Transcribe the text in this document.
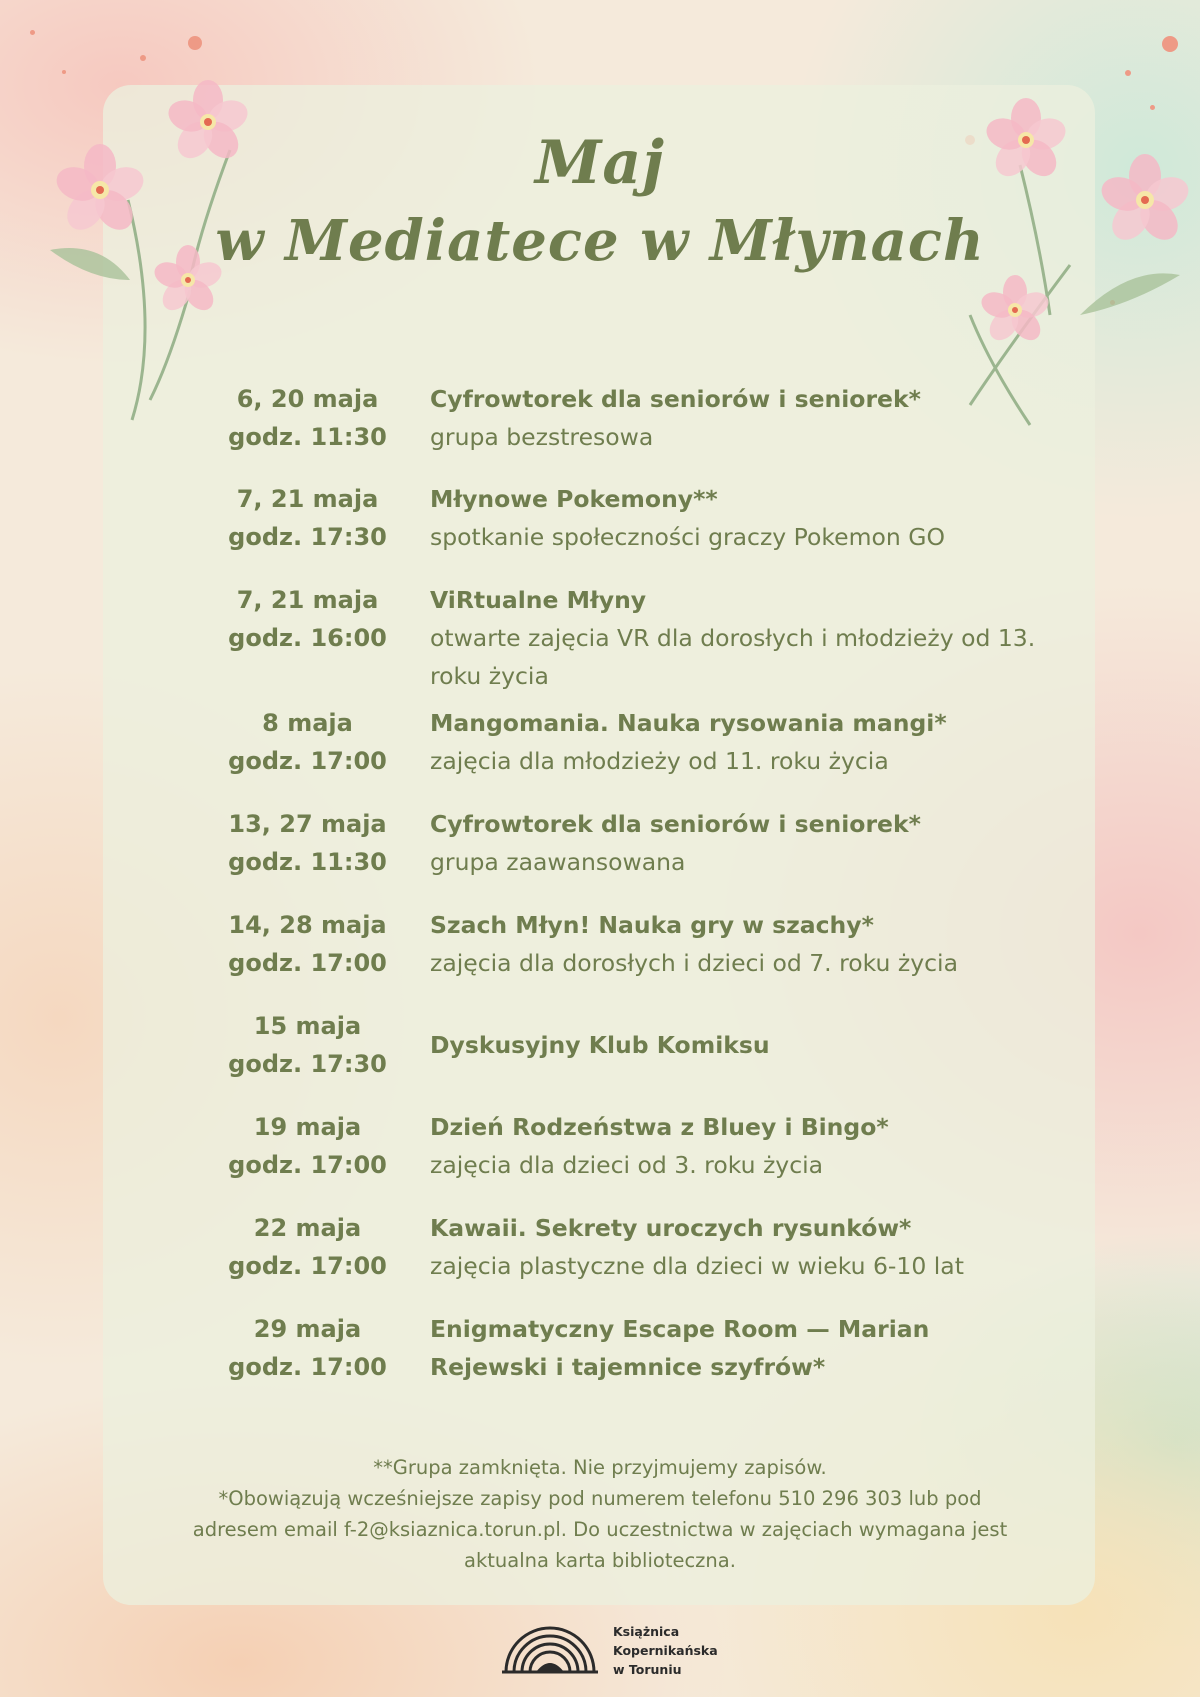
Maj
w Mediatece w Młynach
6, 20 maja
godz. 11:30
Cyfrowtorek dla seniorów i seniorek*
grupa bezstresowa
7, 21 maja
godz. 17:30
Młynowe Pokemony**
spotkanie społeczności graczy Pokemon GO
7, 21 maja
godz. 16:00
ViRtualne Młyny
otwarte zajęcia VR dla dorosłych i młodzieży od 13.
roku życia
8 maja
godz. 17:00
Mangomania. Nauka rysowania mangi*
zajęcia dla młodzieży od 11. roku życia
13, 27 maja
godz. 11:30
Cyfrowtorek dla seniorów i seniorek*
grupa zaawansowana
14, 28 maja
godz. 17:00
Szach Młyn! Nauka gry w szachy*
zajęcia dla dorosłych i dzieci od 7. roku życia
15 maja
godz. 17:30
Dyskusyjny Klub Komiksu
19 maja
godz. 17:00
Dzień Rodzeństwa z Bluey i Bingo*
zajęcia dla dzieci od 3. roku życia
22 maja
godz. 17:00
Kawaii. Sekrety uroczych rysunków*
zajęcia plastyczne dla dzieci w wieku 6-10 lat
29 maja
godz. 17:00
Enigmatyczny Escape Room — Marian
Rejewski i tajemnice szyfrów*
**Grupa zamknięta. Nie przyjmujemy zapisów.
*Obowiązują wcześniejsze zapisy pod numerem telefonu 510 296 303 lub pod
adresem email f-2@ksiaznica.torun.pl. Do uczestnictwa w zajęciach wymagana jest
aktualna karta biblioteczna.
Książnica
Kopernikańska
w Toruniu
